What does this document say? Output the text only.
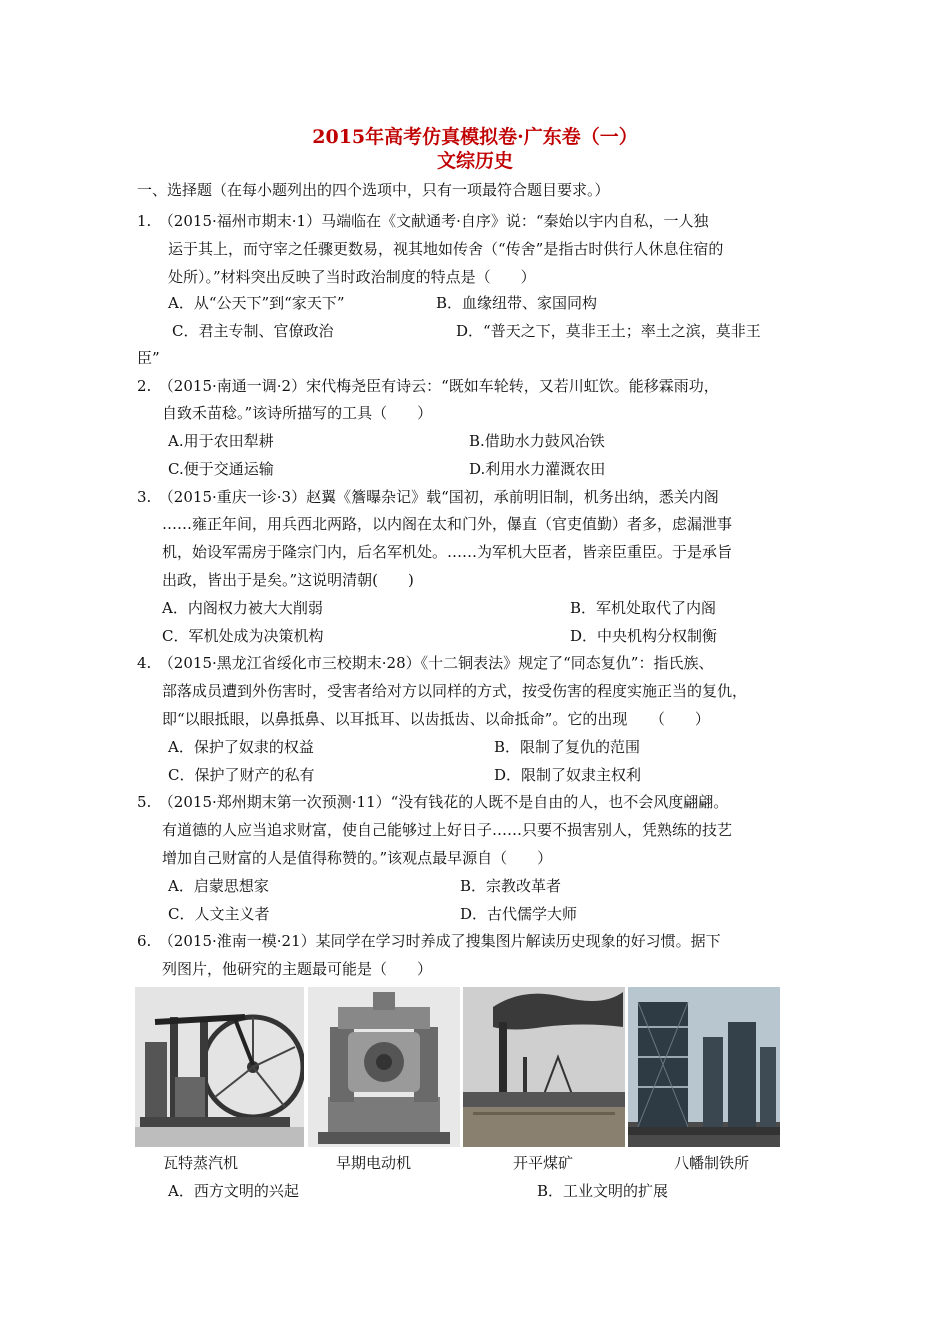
2015年高考仿真模拟卷·广东卷（一）
文综历史
一、选择题（在每小题列出的四个选项中，只有一项最符合题目要求。）
1.　（2015·福州市期末·1）马端临在《文献通考·自序》说：“秦始以宇内自私，一人独
运于其上，而守宰之任骤更数易，视其地如传舍（“传舍”是指古时供行人休息住宿的
处所）。”材料突出反映了当时政治制度的特点是（　　）
A．从“公天下”到“家天下”	B．血缘纽带、家国同构
C．君主专制、官僚政治	D．“普天之下，莫非王土；率土之滨，莫非王
臣”
2.　（2015·南通一调·2）宋代梅尧臣有诗云：“既如车轮转，又若川虹饮。能移霖雨功，
自致禾苗稔。”该诗所描写的工具（　　）
A.用于农田犁耕	B.借助水力鼓风冶铁
C.便于交通运输	D.利用水力灌溉农田
3.　（2015·重庆一诊·3）赵翼《簷曝杂记》载“国初，承前明旧制，机务出纳，悉关内阁
……雍正年间，用兵西北两路，以内阁在太和门外，儤直（官吏值勤）者多，虑漏泄事
机，始设军需房于隆宗门内，后名军机处。……为军机大臣者，皆亲臣重臣。于是承旨
出政，皆出于是矣。”这说明清朝(　　)
A．内阁权力被大大削弱	B．军机处取代了内阁
C．军机处成为决策机构	D．中央机构分权制衡
4.　（2015·黑龙江省绥化市三校期末·28）《十二铜表法》规定了“同态复仇”：指氏族、
部落成员遭到外伤害时，受害者给对方以同样的方式，按受伤害的程度实施正当的复仇，
即“以眼抵眼，以鼻抵鼻、以耳抵耳、以齿抵齿、以命抵命”。它的出现　　（　　）
A．保护了奴隶的权益	B．限制了复仇的范围
C．保护了财产的私有	D．限制了奴隶主权利
5.　（2015·郑州期末第一次预测·11）“没有钱花的人既不是自由的人，也不会风度翩翩。
有道德的人应当追求财富，使自己能够过上好日子……只要不损害别人，凭熟练的技艺
增加自己财富的人是值得称赞的。”该观点最早源自（　　）
A．启蒙思想家	B．宗教改革者
C．人文主义者	D．古代儒学大师
6.　（2015·淮南一模·21）某同学在学习时养成了搜集图片解读历史现象的好习惯。据下
列图片，他研究的主题最可能是（　　）
瓦特蒸汽机	早期电动机	开平煤矿	八幡制铁所
A．西方文明的兴起	B．工业文明的扩展
